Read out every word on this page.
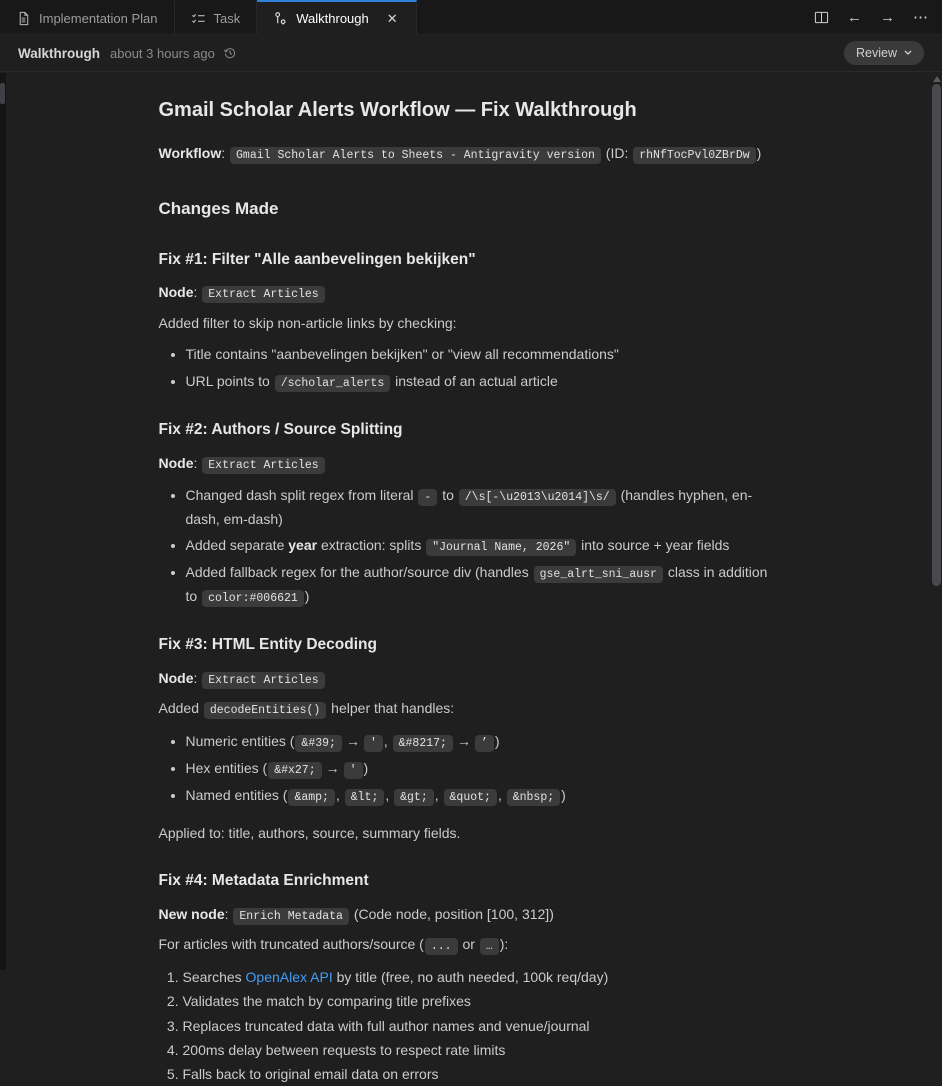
Implementation Plan	Task	Walkthrough ✕	← → ⋯
Walkthrough about 3 hours ago	Review
Gmail Scholar Alerts Workflow — Fix Walkthrough

Workflow: Gmail Scholar Alerts to Sheets - Antigravity version (ID: rhNfTocPvl0ZBrDw )

Changes Made
Fix #1: Filter "Alle aanbevelingen bekijken"

Node: Extract Articles

Added filter to skip non-article links by checking:

• Title contains "aanbevelingen bekijken" or "view all recommendations"
• URL points to /scholar_alerts instead of an actual article
Fix #2: Authors / Source Splitting

Node: Extract Articles

• Changed dash split regex from literal - to /\s[-\u2013\u2014]\s/ (handles hyphen, en-dash, em-dash)
• Added separate year extraction: splits "Journal Name, 2026" into source + year fields
• Added fallback regex for the author/source div (handles gse_alrt_sni_ausr class in addition to color:#006621 )
Fix #3: HTML Entity Decoding

Node: Extract Articles

Added decodeEntities() helper that handles:

• Numeric entities ( &#39; → ' , &#8217; → ’ )
• Hex entities ( &#x27; → ' )
• Named entities ( &amp; , &lt; , &gt; , &quot; , &nbsp; )

Applied to: title, authors, source, summary fields.

Fix #4: Metadata Enrichment

New node: Enrich Metadata (Code node, position [100, 312])

For articles with truncated authors/source ( ... or … ):

1. Searches OpenAlex API by title (free, no auth needed, 100k req/day)
2. Validates the match by comparing title prefixes
3. Replaces truncated data with full author names and venue/journal
4. 200ms delay between requests to respect rate limits
5. Falls back to original email data on errors
